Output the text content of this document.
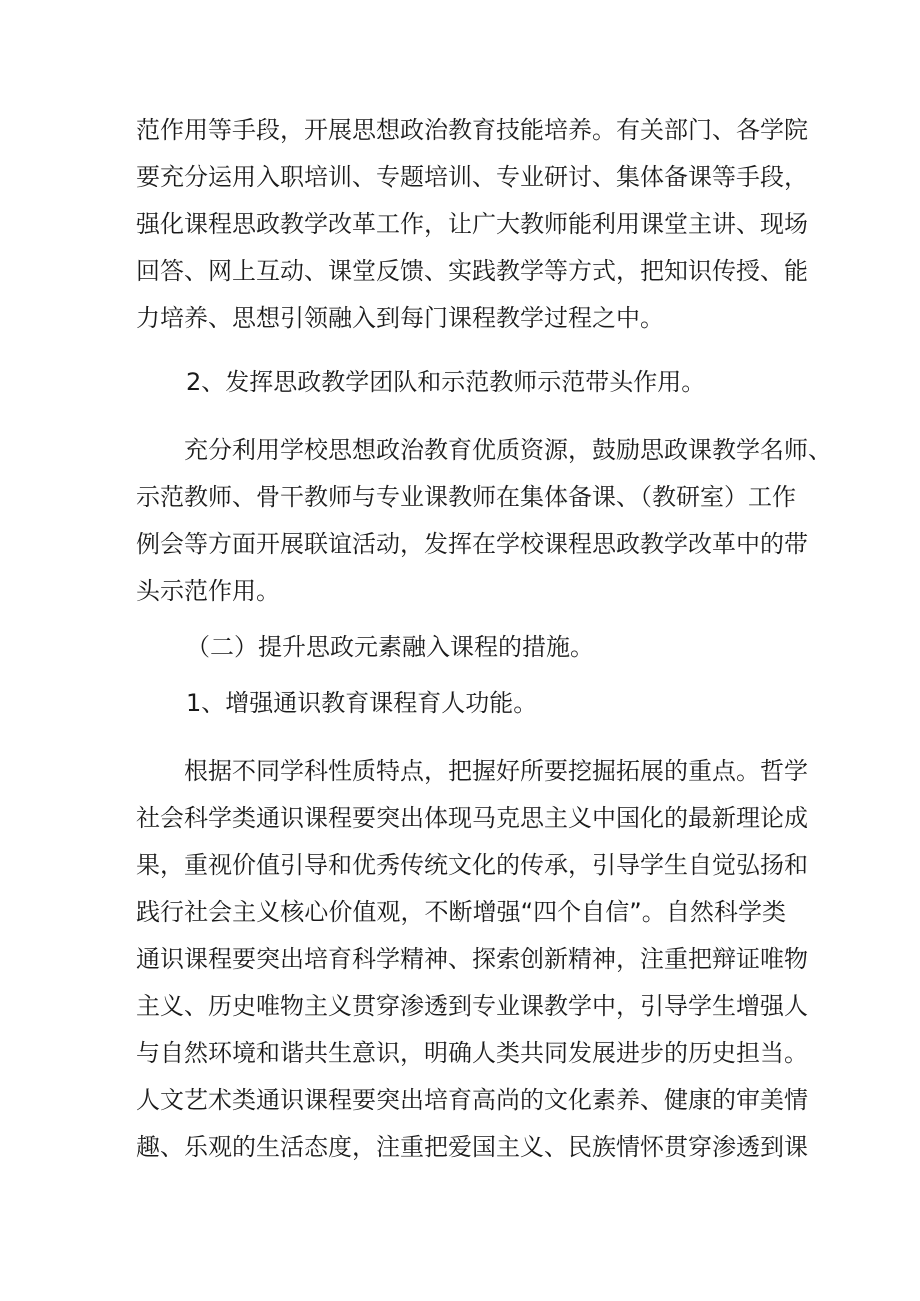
范作用等手段，开展思想政治教育技能培养。有关部门、各学院
要充分运用入职培训、专题培训、专业研讨、集体备课等手段，
强化课程思政教学改革工作，让广大教师能利用课堂主讲、现场
回答、网上互动、课堂反馈、实践教学等方式，把知识传授、能
力培养、思想引领融入到每门课程教学过程之中。
2、发挥思政教学团队和示范教师示范带头作用。
充分利用学校思想政治教育优质资源，鼓励思政课教学名师、
示范教师、骨干教师与专业课教师在集体备课、（教研室）工作
例会等方面开展联谊活动，发挥在学校课程思政教学改革中的带
头示范作用。
（二）提升思政元素融入课程的措施。
1、增强通识教育课程育人功能。
根据不同学科性质特点，把握好所要挖掘拓展的重点。哲学
社会科学类通识课程要突出体现马克思主义中国化的最新理论成
果，重视价值引导和优秀传统文化的传承，引导学生自觉弘扬和
践行社会主义核心价值观，不断增强“四个自信”。自然科学类
通识课程要突出培育科学精神、探索创新精神，注重把辩证唯物
主义、历史唯物主义贯穿渗透到专业课教学中，引导学生增强人
与自然环境和谐共生意识，明确人类共同发展进步的历史担当。
人文艺术类通识课程要突出培育高尚的文化素养、健康的审美情
趣、乐观的生活态度，注重把爱国主义、民族情怀贯穿渗透到课
